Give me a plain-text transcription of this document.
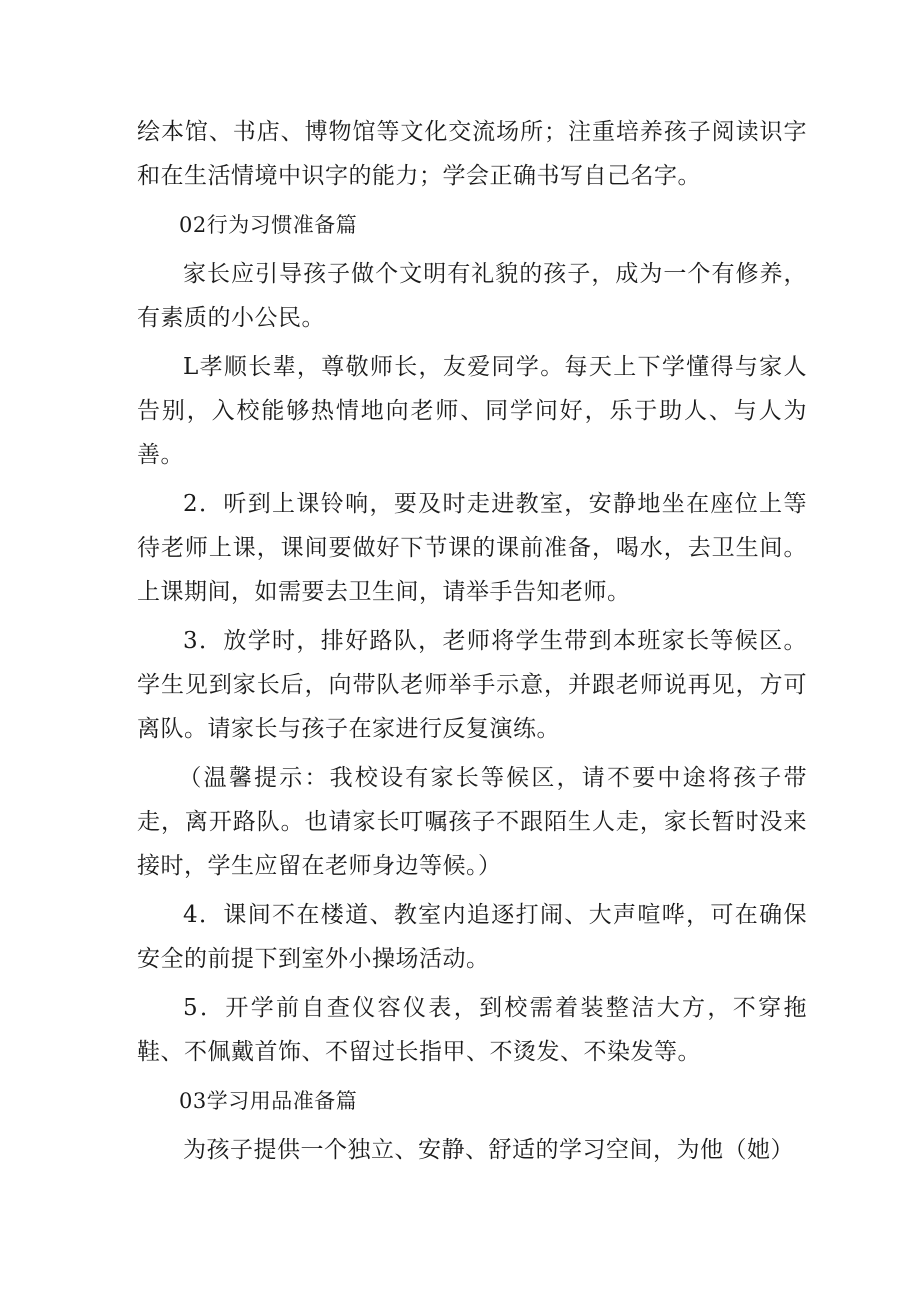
绘本馆、书店、博物馆等文化交流场所；注重培养孩子阅读识字和在生活情境中识字的能力；学会正确书写自己名字。

02行为习惯准备篇

家长应引导孩子做个文明有礼貌的孩子，成为一个有修养，有素质的小公民。

L孝顺长辈，尊敬师长，友爱同学。每天上下学懂得与家人告别，入校能够热情地向老师、同学问好，乐于助人、与人为善。

2．听到上课铃响，要及时走进教室，安静地坐在座位上等待老师上课，课间要做好下节课的课前准备，喝水，去卫生间。上课期间，如需要去卫生间，请举手告知老师。

3．放学时，排好路队，老师将学生带到本班家长等候区。学生见到家长后，向带队老师举手示意，并跟老师说再见，方可离队。请家长与孩子在家进行反复演练。

（温馨提示：我校设有家长等候区，请不要中途将孩子带走，离开路队。也请家长叮嘱孩子不跟陌生人走，家长暂时没来接时，学生应留在老师身边等候。）

4．课间不在楼道、教室内追逐打闹、大声喧哗，可在确保安全的前提下到室外小操场活动。

5．开学前自查仪容仪表，到校需着装整洁大方，不穿拖鞋、不佩戴首饰、不留过长指甲、不烫发、不染发等。

03学习用品准备篇

为孩子提供一个独立、安静、舒适的学习空间，为他（她）
